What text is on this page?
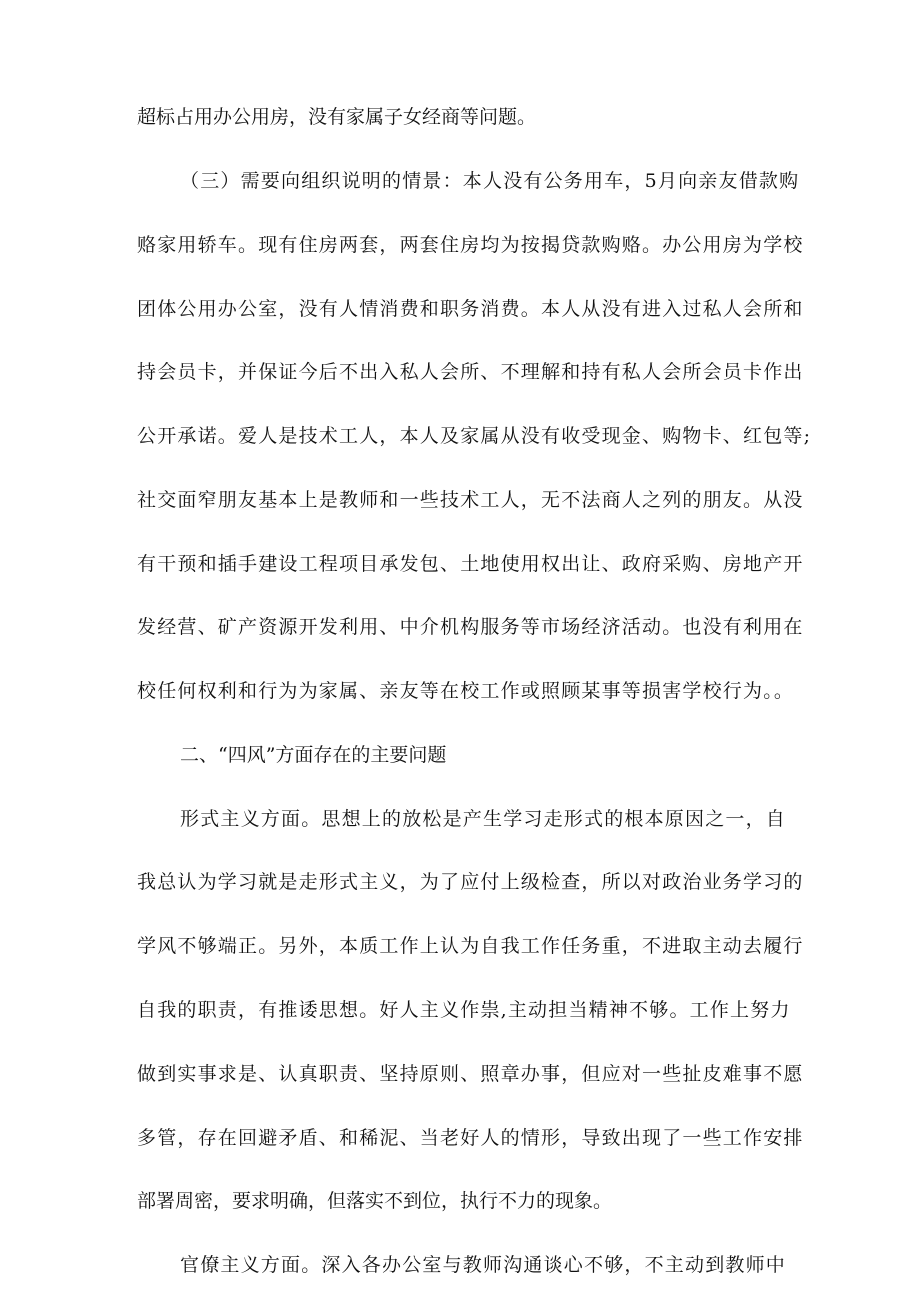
超标占用办公用房，没有家属子女经商等问题。
（三）需要向组织说明的情景：本人没有公务用车，5月向亲友借款购
赂家用轿车。现有住房两套，两套住房均为按揭贷款购赂。办公用房为学校
团体公用办公室，没有人情消费和职务消费。本人从没有进入过私人会所和
持会员卡，并保证今后不出入私人会所、不理解和持有私人会所会员卡作出
公开承诺。爱人是技术工人，本人及家属从没有收受现金、购物卡、红包等;
社交面窄朋友基本上是教师和一些技术工人，无不法商人之列的朋友。从没
有干预和插手建设工程项目承发包、土地使用权出让、政府采购、房地产开
发经营、矿产资源开发利用、中介机构服务等市场经济活动。也没有利用在
校任何权利和行为为家属、亲友等在校工作或照顾某事等损害学校行为。。
二、“四风”方面存在的主要问题
形式主义方面。思想上的放松是产生学习走形式的根本原因之一，自
我总认为学习就是走形式主义，为了应付上级检查，所以对政治业务学习的
学风不够端正。另外，本质工作上认为自我工作任务重，不进取主动去履行
自我的职责，有推诿思想。好人主义作祟,主动担当精神不够。工作上努力
做到实事求是、认真职责、坚持原则、照章办事，但应对一些扯皮难事不愿
多管，存在回避矛盾、和稀泥、当老好人的情形，导致出现了一些工作安排
部署周密，要求明确，但落实不到位，执行不力的现象。
官僚主义方面。深入各办公室与教师沟通谈心不够，不主动到教师中
